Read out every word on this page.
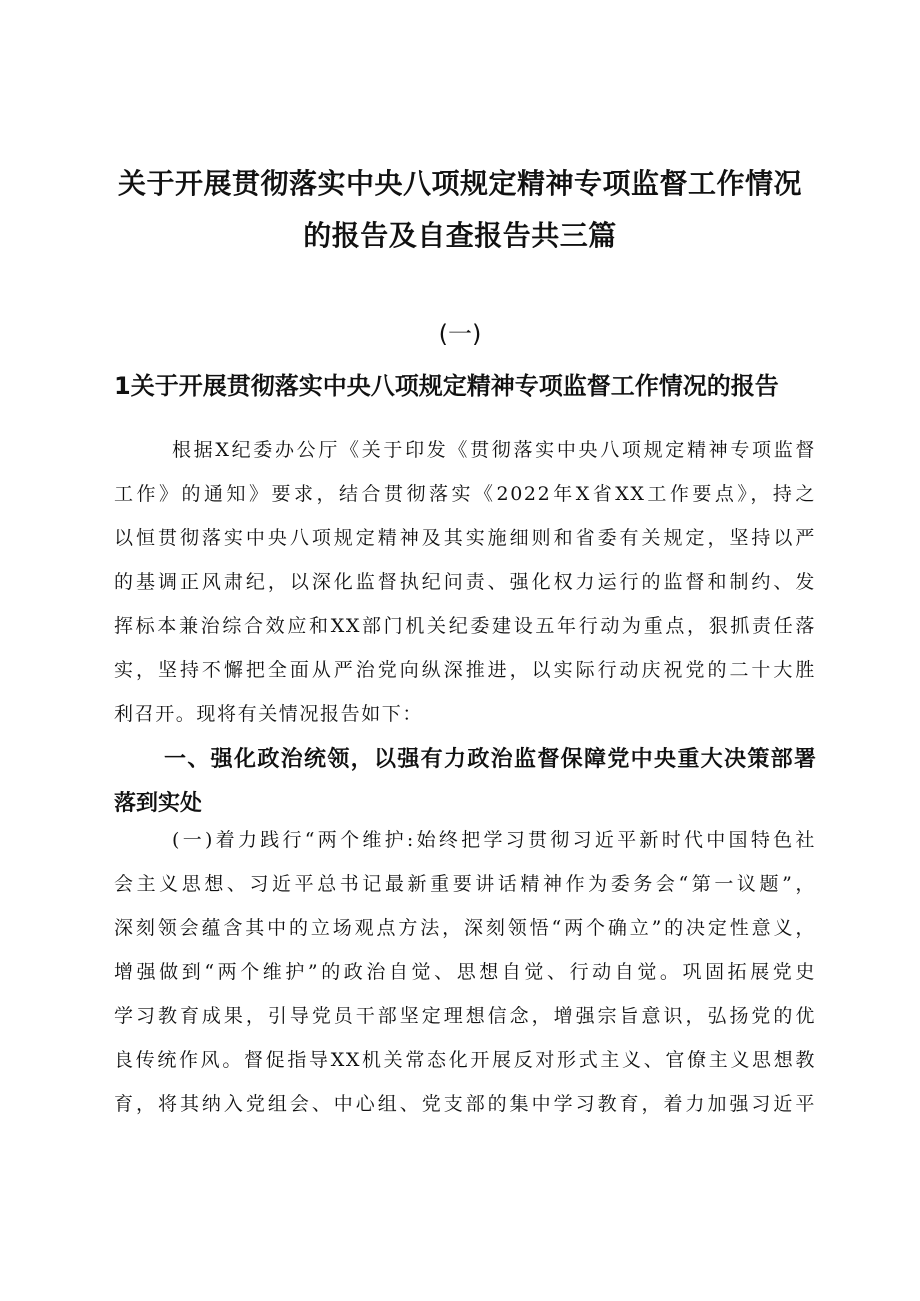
关于开展贯彻落实中央八项规定精神专项监督工作情况
的报告及自查报告共三篇
(一)
1关于开展贯彻落实中央八项规定精神专项监督工作情况的报告
根据X纪委办公厅《关于印发《贯彻落实中央八项规定精神专项监督
工作》的通知》要求，结合贯彻落实《2022年X省XX工作要点》，持之
以恒贯彻落实中央八项规定精神及其实施细则和省委有关规定，坚持以严
的基调正风肃纪，以深化监督执纪问责、强化权力运行的监督和制约、发
挥标本兼治综合效应和XX部门机关纪委建设五年行动为重点，狠抓责任落
实，坚持不懈把全面从严治党向纵深推进，以实际行动庆祝党的二十大胜
利召开。现将有关情况报告如下：
一、强化政治统领，以强有力政治监督保障党中央重大决策部署
落到实处
(一)着力践行“两个维护:始终把学习贯彻习近平新时代中国特色社
会主义思想、习近平总书记最新重要讲话精神作为委务会“第一议题”，
深刻领会蕴含其中的立场观点方法，深刻领悟“两个确立”的决定性意义，
增强做到“两个维护”的政治自觉、思想自觉、行动自觉。巩固拓展党史
学习教育成果，引导党员干部坚定理想信念，增强宗旨意识，弘扬党的优
良传统作风。督促指导XX机关常态化开展反对形式主义、官僚主义思想教
育，将其纳入党组会、中心组、党支部的集中学习教育，着力加强习近平
